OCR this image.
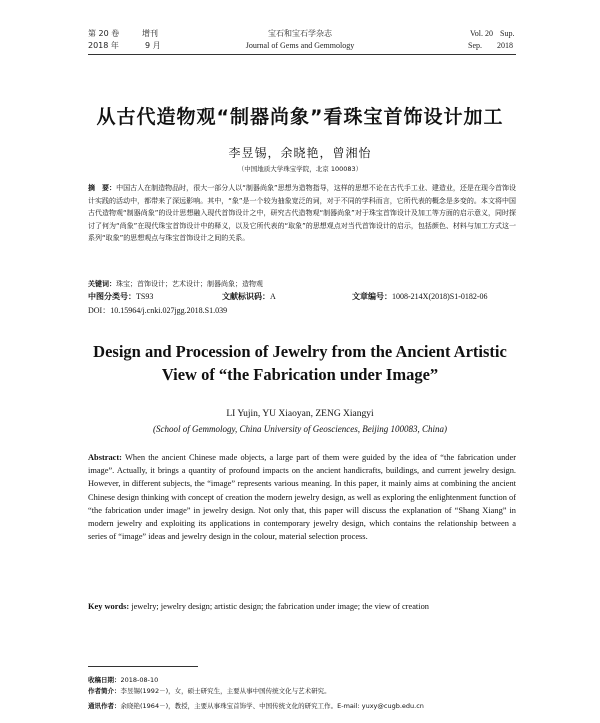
第 20 卷	增刊	宝石和宝石学杂志	Vol. 20 Sup.
2018 年	9 月	Journal of Gems and Gemmology	Sep. 2018
从古代造物观“制器尚象”看珠宝首饰设计加工
李昱锡，余晓艳，曾湘怡
（中国地质大学珠宝学院，北京 100083）
摘　要：中国古人在制造物品时，很大一部分人以“制器尚象”思想为造物指导，这样的思想不论在古代手工业、建造业，还是在现今首饰设计实践的活动中，都带来了深远影响。其中，“象”是一个较为抽象宽泛的词，对于不同的学科而言，它所代表的概念是多变的。本文将中国古代造物观“制器尚象”的设计思想融入现代首饰设计之中，研究古代造物观“制器尚象”对于珠宝首饰设计及加工等方面的启示意义，同时探讨了何为“尚象”在现代珠宝首饰设计中的释义，以及它所代表的“取象”的思想观点对当代首饰设计的启示，包括颜色、材料与加工方式这一系列“取象”的思想观点与珠宝首饰设计之间的关系。
关键词：珠宝；首饰设计；艺术设计；制器尚象；造物观
中图分类号：TS93	文献标识码：A	文章编号：1008-214X(2018)S1-0182-06
DOI：10.15964/j.cnki.027jgg.2018.S1.039
Design and Procession of Jewelry from the Ancient Artistic
View of “the Fabrication under Image”
LI Yujin, YU Xiaoyan, ZENG Xiangyi
(School of Gemmology, China University of Geosciences, Beijing 100083, China)
Abstract: When the ancient Chinese made objects, a large part of them were guided by the idea of “the fabrication under image”. Actually, it brings a quantity of profound impacts on the ancient handicrafts, buildings, and current jewelry design. However, in different subjects, the “image” represents various meaning. In this paper, it mainly aims at combining the ancient Chinese design thinking with concept of creation the modern jewelry design, as well as exploring the enlightenment function of “the fabrication under image” in jewelry design. Not only that, this paper will discuss the explanation of “Shang Xiang” in modern jewelry and exploiting its applications in contemporary jewelry design, which contains the relationship between a series of “image” ideas and jewelry design in the colour, material selection process.
Key words: jewelry; jewelry design; artistic design; the fabrication under image; the view of creation
收稿日期：2018-08-10
作者简介：李昱锡(1992－)，女，硕士研究生，主要从事中国传统文化与艺术研究。
通讯作者：余晓艳(1964－)，教授，主要从事珠宝首饰学、中国传统文化的研究工作。E-mail: yuxy@cugb.edu.cn
